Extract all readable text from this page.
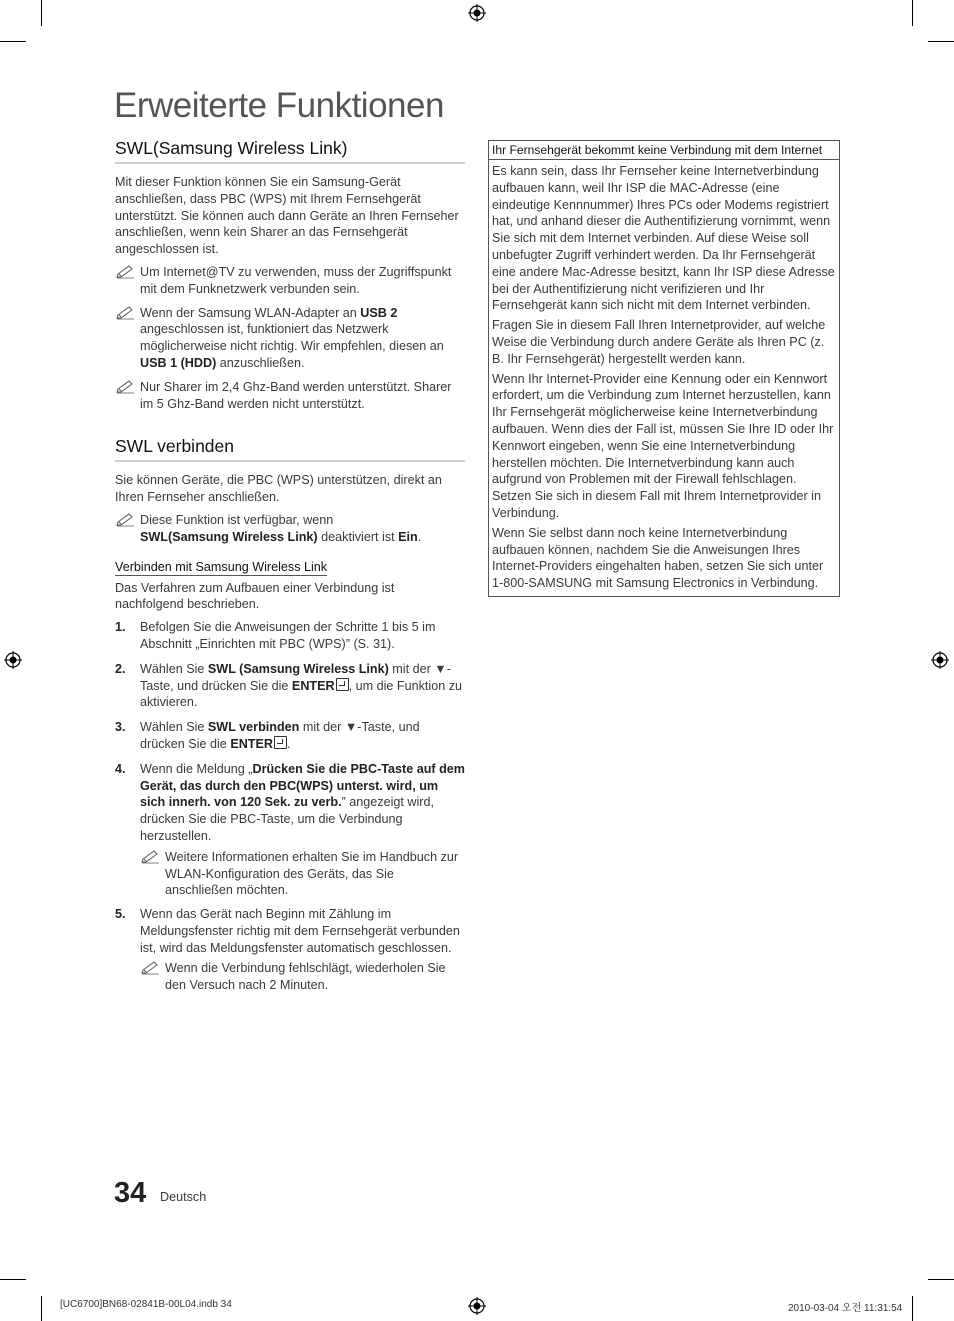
Erweiterte Funktionen
SWL(Samsung Wireless Link)

Mit dieser Funktion können Sie ein Samsung-Gerät anschließen, dass PBC (WPS) mit Ihrem Fernsehgerät unterstützt. Sie können auch dann Geräte an Ihren Fernseher anschließen, wenn kein Sharer an das Fernsehgerät angeschlossen ist.

Um Internet@TV zu verwenden, muss der Zugriffspunkt mit dem Funknetzwerk verbunden sein.
Wenn der Samsung WLAN-Adapter an USB 2 angeschlossen ist, funktioniert das Netzwerk möglicherweise nicht richtig. Wir empfehlen, diesen an USB 1 (HDD) anzuschließen.
Nur Sharer im 2,4 Ghz-Band werden unterstützt. Sharer im 5 Ghz-Band werden nicht unterstützt.
SWL verbinden

Sie können Geräte, die PBC (WPS) unterstützen, direkt an Ihren Fernseher anschließen.

Diese Funktion ist verfügbar, wenn
SWL(Samsung Wireless Link) deaktiviert ist Ein.
Verbinden mit Samsung Wireless Link

Das Verfahren zum Aufbauen einer Verbindung ist nachfolgend beschrieben.

1. Befolgen Sie die Anweisungen der Schritte 1 bis 5 im Abschnitt „Einrichten mit PBC (WPS)” (S. 31).
2. Wählen Sie SWL (Samsung Wireless Link) mit der ▼-Taste, und drücken Sie die ENTER , um die Funktion zu aktivieren.
3. Wählen Sie SWL verbinden mit der ▼-Taste, und drücken Sie die ENTER .
4. Wenn die Meldung „Drücken Sie die PBC-Taste auf dem Gerät, das durch den PBC(WPS) unterst. wird, um sich innerh. von 120 Sek. zu verb.” angezeigt wird, drücken Sie die PBC-Taste, um die Verbindung herzustellen.
Weitere Informationen erhalten Sie im Handbuch zur WLAN-Konfiguration des Geräts, das Sie anschließen möchten.
5. Wenn das Gerät nach Beginn mit Zählung im Meldungsfenster richtig mit dem Fernsehgerät verbunden ist, wird das Meldungsfenster automatisch geschlossen.
Wenn die Verbindung fehlschlägt, wiederholen Sie den Versuch nach 2 Minuten.
Ihr Fernsehgerät bekommt keine Verbindung mit dem Internet

Es kann sein, dass Ihr Fernseher keine Internetverbindung aufbauen kann, weil Ihr ISP die MAC-Adresse (eine eindeutige Kennnummer) Ihres PCs oder Modems registriert hat, und anhand dieser die Authentifizierung vornimmt, wenn Sie sich mit dem Internet verbinden. Auf diese Weise soll unbefugter Zugriff verhindert werden. Da Ihr Fernsehgerät eine andere Mac-Adresse besitzt, kann Ihr ISP diese Adresse bei der Authentifizierung nicht verifizieren und Ihr Fernsehgerät kann sich nicht mit dem Internet verbinden.

Fragen Sie in diesem Fall Ihren Internetprovider, auf welche Weise die Verbindung durch andere Geräte als Ihren PC (z. B. Ihr Fernsehgerät) hergestellt werden kann.

Wenn Ihr Internet-Provider eine Kennung oder ein Kennwort erfordert, um die Verbindung zum Internet herzustellen, kann Ihr Fernsehgerät möglicherweise keine Internetverbindung aufbauen. Wenn dies der Fall ist, müssen Sie Ihre ID oder Ihr Kennwort eingeben, wenn Sie eine Internetverbindung herstellen möchten. Die Internetverbindung kann auch aufgrund von Problemen mit der Firewall fehlschlagen. Setzen Sie sich in diesem Fall mit Ihrem Internetprovider in Verbindung.

Wenn Sie selbst dann noch keine Internetverbindung aufbauen können, nachdem Sie die Anweisungen Ihres Internet-Providers eingehalten haben, setzen Sie sich unter 1-800-SAMSUNG mit Samsung Electronics in Verbindung.

34 Deutsch
[UC6700]BN68-02841B-00L04.indb 34	2010-03-04 오전 11:31:54
